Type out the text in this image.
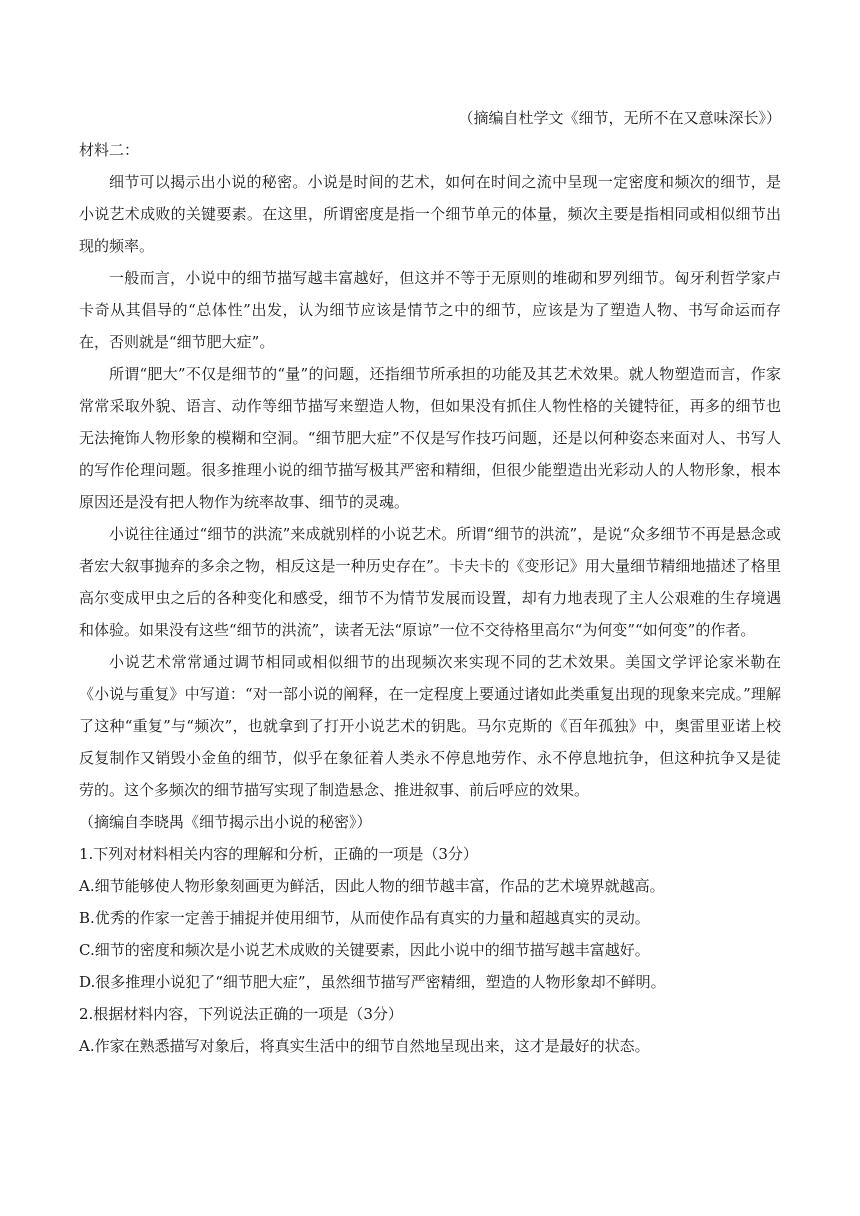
（摘编自杜学文《细节，无所不在又意味深长》）
材料二：

细节可以揭示出小说的秘密。小说是时间的艺术，如何在时间之流中呈现一定密度和频次的细节，是小说艺术成败的关键要素。在这里，所谓密度是指一个细节单元的体量，频次主要是指相同或相似细节出现的频率。

一般而言，小说中的细节描写越丰富越好，但这并不等于无原则的堆砌和罗列细节。匈牙利哲学家卢卡奇从其倡导的“总体性”出发，认为细节应该是情节之中的细节，应该是为了塑造人物、书写命运而存在，否则就是“细节肥大症”。

所谓“肥大”不仅是细节的“量”的问题，还指细节所承担的功能及其艺术效果。就人物塑造而言，作家常常采取外貌、语言、动作等细节描写来塑造人物，但如果没有抓住人物性格的关键特征，再多的细节也无法掩饰人物形象的模糊和空洞。“细节肥大症”不仅是写作技巧问题，还是以何种姿态来面对人、书写人的写作伦理问题。很多推理小说的细节描写极其严密和精细，但很少能塑造出光彩动人的人物形象，根本原因还是没有把人物作为统率故事、细节的灵魂。

小说往往通过“细节的洪流”来成就别样的小说艺术。所谓“细节的洪流”，是说“众多细节不再是悬念或者宏大叙事抛弃的多余之物，相反这是一种历史存在”。卡夫卡的《变形记》用大量细节精细地描述了格里高尔变成甲虫之后的各种变化和感受，细节不为情节发展而设置，却有力地表现了主人公艰难的生存境遇和体验。如果没有这些“细节的洪流”，读者无法“原谅”一位不交待格里高尔“为何变”“如何变”的作者。

小说艺术常常通过调节相同或相似细节的出现频次来实现不同的艺术效果。美国文学评论家米勒在《小说与重复》中写道：“对一部小说的阐释，在一定程度上要通过诸如此类重复出现的现象来完成。”理解了这种“重复”与“频次”，也就拿到了打开小说艺术的钥匙。马尔克斯的《百年孤独》中，奥雷里亚诺上校反复制作又销毁小金鱼的细节，似乎在象征着人类永不停息地劳作、永不停息地抗争，但这种抗争又是徒劳的。这个多频次的细节描写实现了制造悬念、推进叙事、前后呼应的效果。

（摘编自李晓禺《细节揭示出小说的秘密》）

1.下列对材料相关内容的理解和分析，正确的一项是（3分）

A.细节能够使人物形象刻画更为鲜活，因此人物的细节越丰富，作品的艺术境界就越高。

B.优秀的作家一定善于捕捉并使用细节，从而使作品有真实的力量和超越真实的灵动。

C.细节的密度和频次是小说艺术成败的关键要素，因此小说中的细节描写越丰富越好。

D.很多推理小说犯了“细节肥大症”，虽然细节描写严密精细，塑造的人物形象却不鲜明。

2.根据材料内容，下列说法正确的一项是（3分）

A.作家在熟悉描写对象后，将真实生活中的细节自然地呈现出来，这才是最好的状态。
